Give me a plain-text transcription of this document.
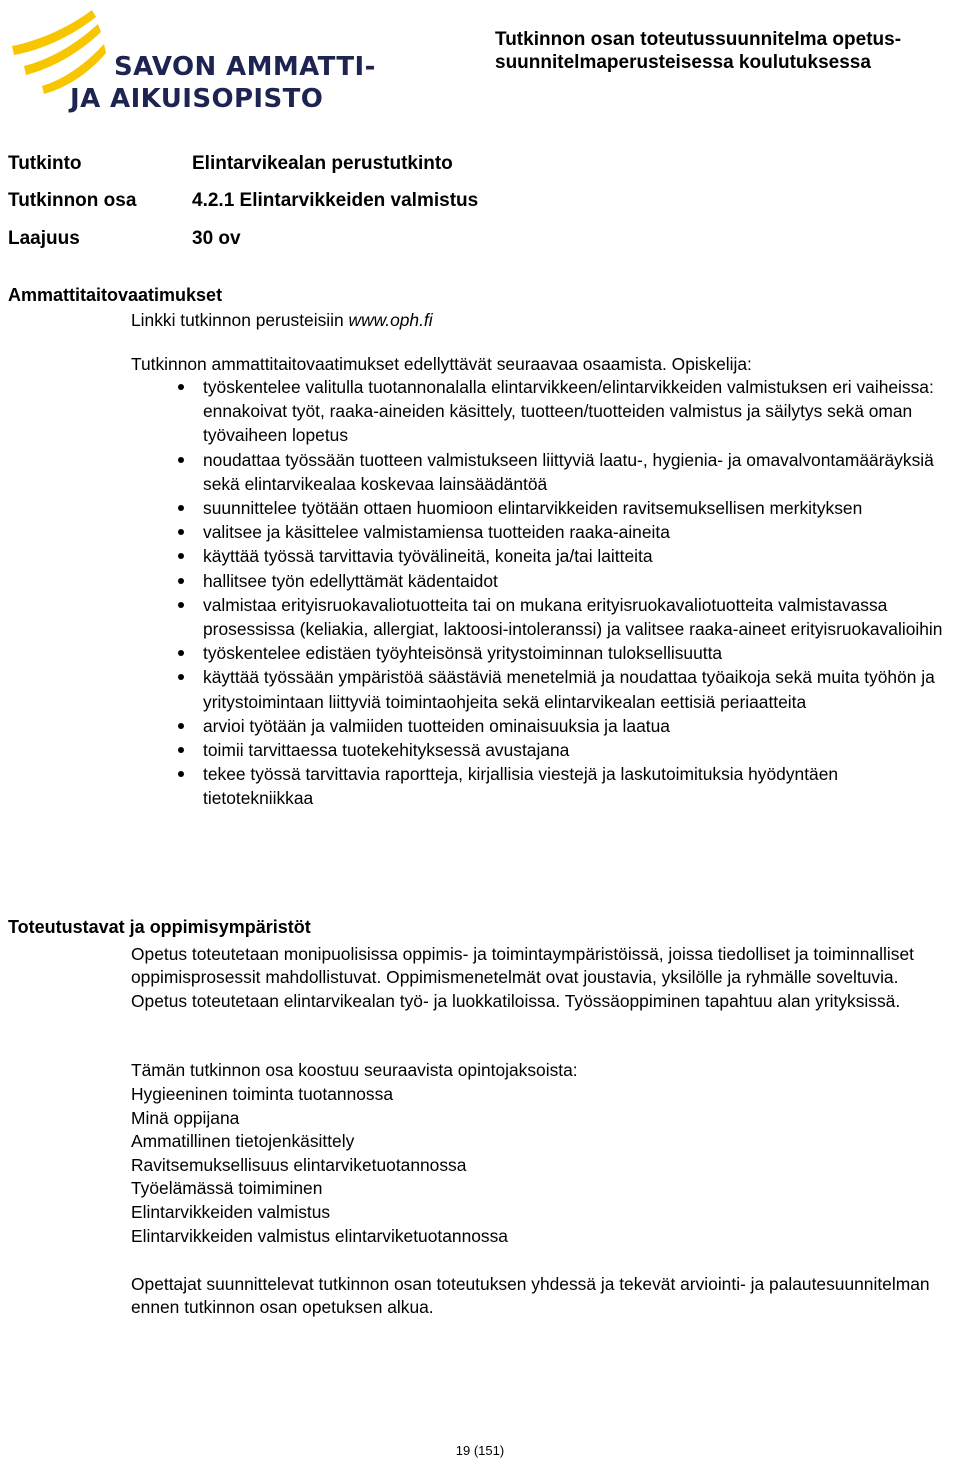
SAVON AMMATTI-
JA AIKUISOPISTO
Tutkinnon osan toteutussuunnitelma opetus-suunnitelmaperusteisessa koulutuksessa
Tutkinto	Elintarvikealan perustutkinto
Tutkinnon osa	4.2.1 Elintarvikkeiden valmistus
Laajuus	30 ov
Ammattitaitovaatimukset
Linkki tutkinnon perusteisiin www.oph.fi
Tutkinnon ammattitaitovaatimukset edellyttävät seuraavaa osaamista. Opiskelija:
työskentelee valitulla tuotannonalalla elintarvikkeen/elintarvikkeiden valmistuksen eri vaiheissa: ennakoivat työt, raaka-aineiden käsittely, tuotteen/tuotteiden valmistus ja säilytys sekä oman työvaiheen lopetus
noudattaa työssään tuotteen valmistukseen liittyviä laatu-, hygienia- ja omavalvontamääräyksiä sekä elintarvikealaa koskevaa lainsäädäntöä
suunnittelee työtään ottaen huomioon elintarvikkeiden ravitsemuksellisen merkityksen
valitsee ja käsittelee valmistamiensa tuotteiden raaka-aineita
käyttää työssä tarvittavia työvälineitä, koneita ja/tai laitteita
hallitsee työn edellyttämät kädentaidot
valmistaa erityisruokavaliotuotteita tai on mukana erityisruokavaliotuotteita valmistavassa prosessissa (keliakia, allergiat, laktoosi-intoleranssi) ja valitsee raaka-aineet erityisruokavalioihin
työskentelee edistäen työyhteisönsä yritystoiminnan tuloksellisuutta
käyttää työssään ympäristöä säästäviä menetelmiä ja noudattaa työaikoja sekä muita työhön ja yritystoimintaan liittyviä toimintaohjeita sekä elintarvikealan eettisiä periaatteita
arvioi työtään ja valmiiden tuotteiden ominaisuuksia ja laatua
toimii tarvittaessa tuotekehityksessä avustajana
tekee työssä tarvittavia raportteja, kirjallisia viestejä ja laskutoimituksia hyödyntäen tietotekniikkaa
Toteutustavat ja oppimisympäristöt
Opetus toteutetaan monipuolisissa oppimis- ja toimintaympäristöissä, joissa tiedolliset ja toiminnalliset oppimisprosessit mahdollistuvat. Oppimismenetelmät ovat joustavia, yksilölle ja ryhmälle soveltuvia. Opetus toteutetaan elintarvikealan työ- ja luokkatiloissa. Työssäoppiminen tapahtuu alan yrityksissä.
Tämän tutkinnon osa koostuu seuraavista opintojaksoista:
Hygieeninen toiminta tuotannossa
Minä oppijana
Ammatillinen tietojenkäsittely
Ravitsemuksellisuus elintarviketuotannossa
Työelämässä toimiminen
Elintarvikkeiden valmistus
Elintarvikkeiden valmistus elintarviketuotannossa
Opettajat suunnittelevat tutkinnon osan toteutuksen yhdessä ja tekevät arviointi- ja palautesuunnitelman ennen tutkinnon osan opetuksen alkua.
19 (151)
